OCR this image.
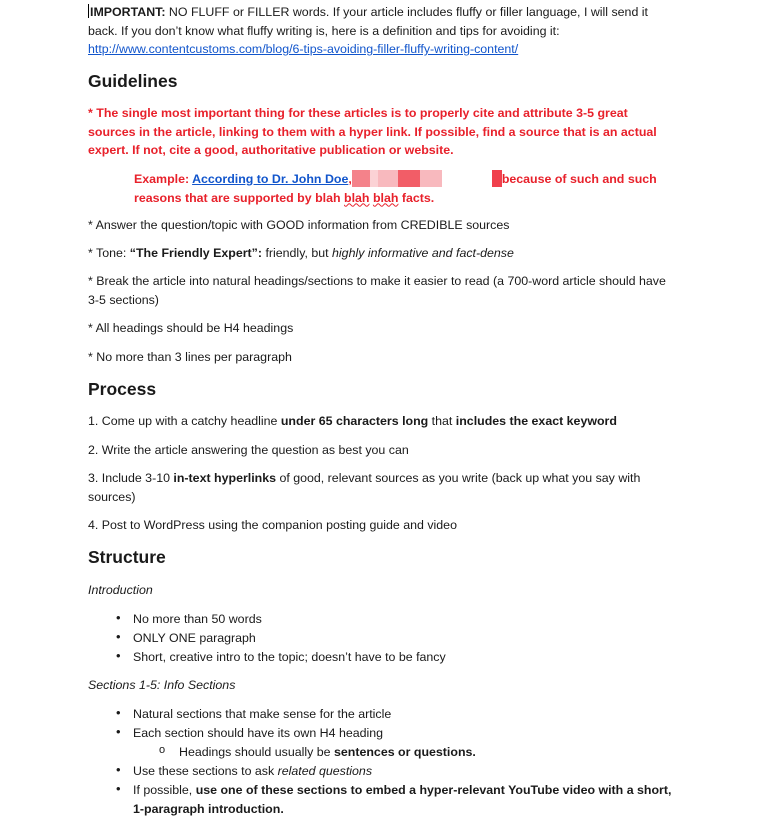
IMPORTANT: NO FLUFF or FILLER words. If your article includes fluffy or filler language, I will send it back. If you don’t know what fluffy writing is, here is a definition and tips for avoiding it:
http://www.contentcustoms.com/blog/6-tips-avoiding-filler-fluffy-writing-content/

Guidelines

* The single most important thing for these articles is to properly cite and attribute 3-5 great sources in the article, linking to them with a hyper link. If possible, find a source that is an actual expert. If not, cite a good, authoritative publication or website.

Example: According to Dr. John Doe,	because of such and such
reasons that are supported by blah blah blah facts.

* Answer the question/topic with GOOD information from CREDIBLE sources

* Tone: “The Friendly Expert”: friendly, but highly informative and fact-dense

* Break the article into natural headings/sections to make it easier to read (a 700-word article should have 3-5 sections)

* All headings should be H4 headings

* No more than 3 lines per paragraph

Process

1. Come up with a catchy headline under 65 characters long that includes the exact keyword

2. Write the article answering the question as best you can

3. Include 3-10 in-text hyperlinks of good, relevant sources as you write (back up what you say with sources)

4. Post to WordPress using the companion posting guide and video

Structure

Introduction

• No more than 50 words
• ONLY ONE paragraph
• Short, creative intro to the topic; doesn’t have to be fancy

Sections 1-5: Info Sections

• Natural sections that make sense for the article
• Each section should have its own H4 heading
o Headings should usually be sentences or questions.
• Use these sections to ask related questions
• If possible, use one of these sections to embed a hyper-relevant YouTube video with a short, 1-paragraph introduction.
